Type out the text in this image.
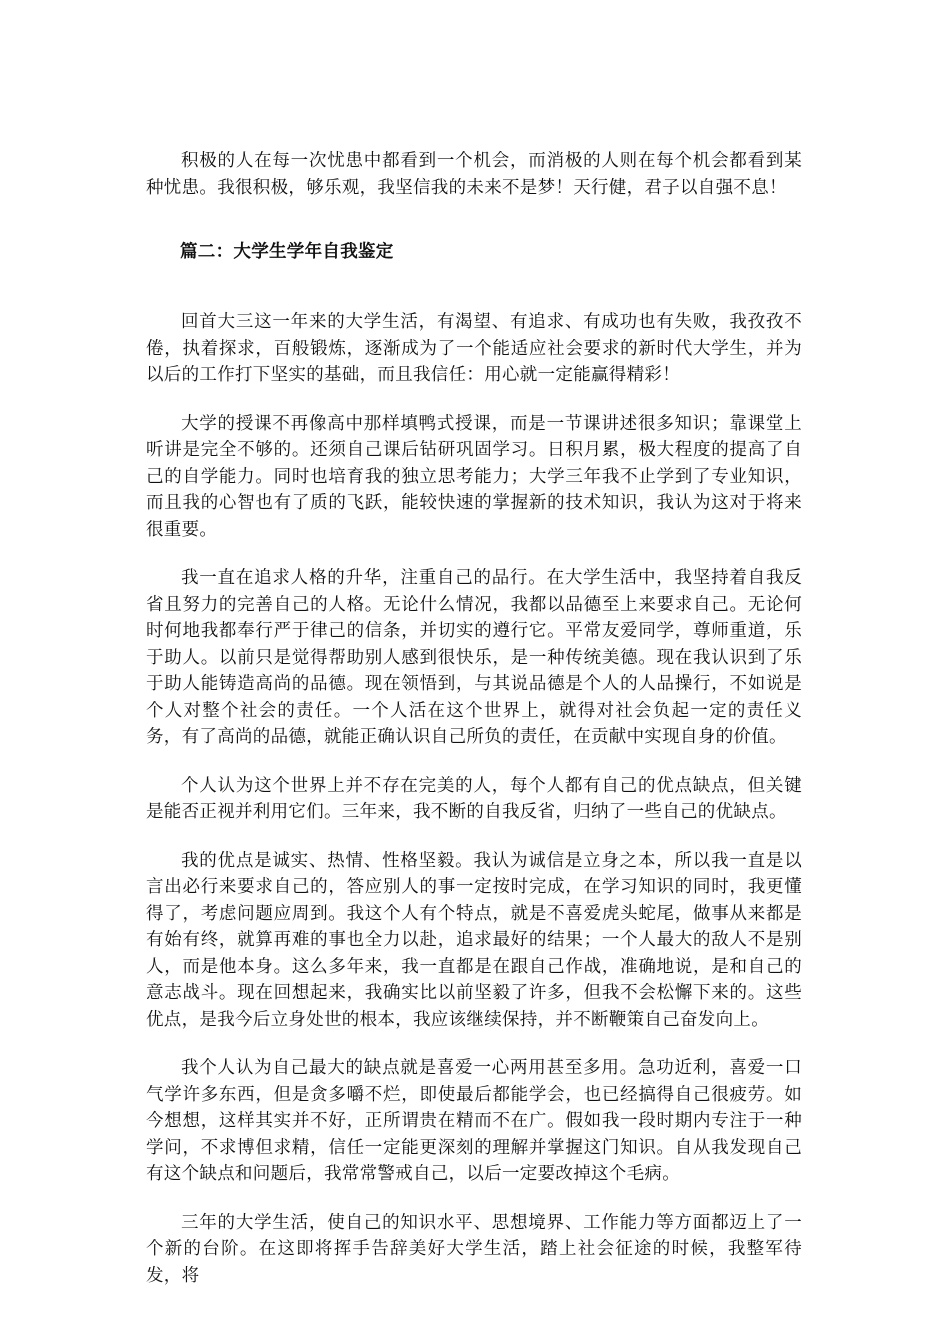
积极的人在每一次忧患中都看到一个机会，而消极的人则在每个机会都看到某种忧患。我很积极，够乐观，我坚信我的未来不是梦！天行健，君子以自强不息！

篇二：大学生学年自我鉴定

回首大三这一年来的大学生活，有渴望、有追求、有成功也有失败，我孜孜不倦，执着探求，百般锻炼，逐渐成为了一个能适应社会要求的新时代大学生，并为以后的工作打下坚实的基础，而且我信任：用心就一定能赢得精彩！

大学的授课不再像高中那样填鸭式授课，而是一节课讲述很多知识；靠课堂上听讲是完全不够的。还须自己课后钻研巩固学习。日积月累，极大程度的提高了自己的自学能力。同时也培育我的独立思考能力；大学三年我不止学到了专业知识，而且我的心智也有了质的飞跃，能较快速的掌握新的技术知识，我认为这对于将来很重要。

我一直在追求人格的升华，注重自己的品行。在大学生活中，我坚持着自我反省且努力的完善自己的人格。无论什么情况，我都以品德至上来要求自己。无论何时何地我都奉行严于律己的信条，并切实的遵行它。平常友爱同学，尊师重道，乐于助人。以前只是觉得帮助别人感到很快乐，是一种传统美德。现在我认识到了乐于助人能铸造高尚的品德。现在领悟到，与其说品德是个人的人品操行，不如说是个人对整个社会的责任。一个人活在这个世界上，就得对社会负起一定的责任义务，有了高尚的品德，就能正确认识自己所负的责任，在贡献中实现自身的价值。

个人认为这个世界上并不存在完美的人，每个人都有自己的优点缺点，但关键是能否正视并利用它们。三年来，我不断的自我反省，归纳了一些自己的优缺点。

我的优点是诚实、热情、性格坚毅。我认为诚信是立身之本，所以我一直是以言出必行来要求自己的，答应别人的事一定按时完成，在学习知识的同时，我更懂得了，考虑问题应周到。我这个人有个特点，就是不喜爱虎头蛇尾，做事从来都是有始有终，就算再难的事也全力以赴，追求最好的结果；一个人最大的敌人不是别人，而是他本身。这么多年来，我一直都是在跟自己作战，准确地说，是和自己的意志战斗。现在回想起来，我确实比以前坚毅了许多，但我不会松懈下来的。这些优点，是我今后立身处世的根本，我应该继续保持，并不断鞭策自己奋发向上。

我个人认为自己最大的缺点就是喜爱一心两用甚至多用。急功近利，喜爱一口气学许多东西，但是贪多嚼不烂，即使最后都能学会，也已经搞得自己很疲劳。如今想想，这样其实并不好，正所谓贵在精而不在广。假如我一段时期内专注于一种学问，不求博但求精，信任一定能更深刻的理解并掌握这门知识。自从我发现自己有这个缺点和问题后，我常常警戒自己，以后一定要改掉这个毛病。

三年的大学生活，使自己的知识水平、思想境界、工作能力等方面都迈上了一个新的台阶。在这即将挥手告辞美好大学生活，踏上社会征途的时候，我整军待发，将
